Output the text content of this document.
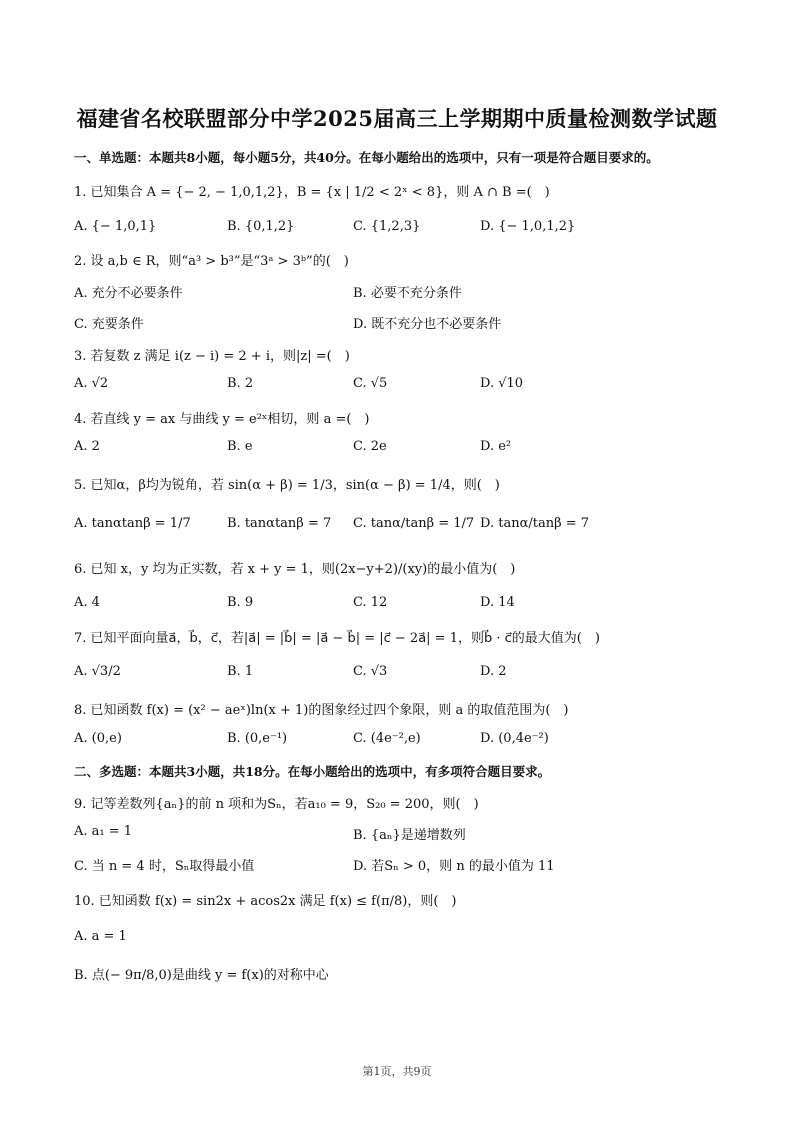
福建省名校联盟部分中学2025届高三上学期期中质量检测数学试题
一、单选题：本题共8小题，每小题5分，共40分。在每小题给出的选项中，只有一项是符合题目要求的。
1. 已知集合 A = {− 2, − 1,0,1,2}，B = {x | 1/2 < 2ˣ < 8}，则 A ∩ B =(　)
A. {− 1,0,1}	B. {0,1,2}	C. {1,2,3}	D. {− 1,0,1,2}
2. 设 a,b ∈ R，则“a³ > b³”是“3ᵃ > 3ᵇ”的(　)
A. 充分不必要条件	B. 必要不充分条件
C. 充要条件	D. 既不充分也不必要条件
3. 若复数 z 满足 i(z − i) = 2 + i，则|z| =(　)
A. √2	B. 2	C. √5	D. √10
4. 若直线 y = ax 与曲线 y = e²ˣ相切，则 a =(　)
A. 2	B. e	C. 2e	D. e²
5. 已知α，β均为锐角，若 sin(α + β) = 1/3，sin(α − β) = 1/4，则(　)
A. tanαtanβ = 1/7	B. tanαtanβ = 7 C. tanα/tanβ = 1/7 D. tanα/tanβ = 7
6. 已知 x，y 均为正实数，若 x + y = 1，则(2x−y+2)/(xy)的最小值为(　)
A. 4	B. 9	C. 12	D. 14
7. 已知平面向量a⃗，b⃗，c⃗，若|a⃗| = |b⃗| = |a⃗ − b⃗| = |c⃗ − 2a⃗| = 1，则b⃗ · c⃗的最大值为(　)
A. √3/2	B. 1	C. √3	D. 2
8. 已知函数 f(x) = (x² − aeˣ)ln(x + 1)的图象经过四个象限，则 a 的取值范围为(　)
A. (0,e)	B. (0,e⁻¹)	C. (4e⁻²,e)	D. (0,4e⁻²)
二、多选题：本题共3小题，共18分。在每小题给出的选项中，有多项符合题目要求。
9. 记等差数列{aₙ}的前 n 项和为Sₙ，若a₁₀ = 9，S₂₀ = 200，则(　)
A. a₁ = 1	B. {aₙ}是递增数列
C. 当 n = 4 时，Sₙ取得最小值	D. 若Sₙ > 0，则 n 的最小值为 11
10. 已知函数 f(x) = sin2x + acos2x 满足 f(x) ≤ f(π/8)，则(　)
A. a = 1
B. 点(− 9π/8,0)是曲线 y = f(x)的对称中心
第1页，共9页
